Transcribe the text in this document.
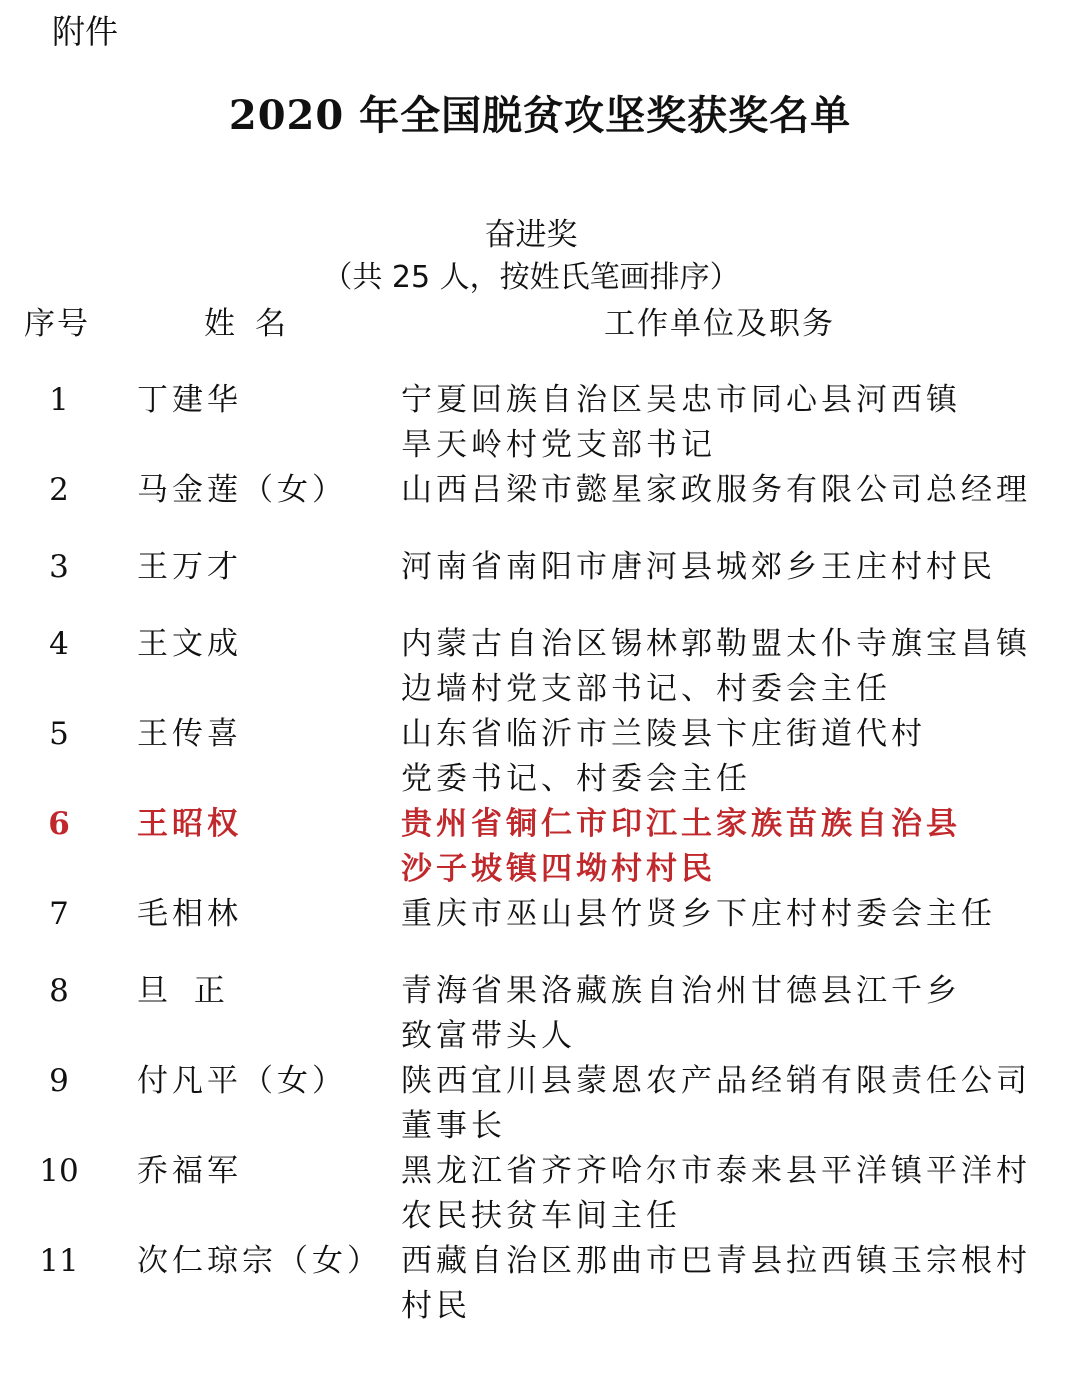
附件
2020 年全国脱贫攻坚奖获奖名单
奋进奖
（共 25 人，按姓氏笔画排序）
序号	姓名	工作单位及职务
1	丁建华	宁夏回族自治区吴忠市同心县河西镇
旱天岭村党支部书记
2	马金莲（女） 山西吕梁市懿星家政服务有限公司总经理
3	王万才	河南省南阳市唐河县城郊乡王庄村村民
4	王文成	内蒙古自治区锡林郭勒盟太仆寺旗宝昌镇
边墙村党支部书记、村委会主任
5	王传喜	山东省临沂市兰陵县卞庄街道代村
党委书记、村委会主任
6	王昭权	贵州省铜仁市印江土家族苗族自治县
沙子坡镇四坳村村民
7	毛相林	重庆市巫山县竹贤乡下庄村村委会主任
8	旦 正	青海省果洛藏族自治州甘德县江千乡
致富带头人
9	付凡平（女） 陕西宜川县蒙恩农产品经销有限责任公司
董事长
10	乔福军	黑龙江省齐齐哈尔市泰来县平洋镇平洋村
农民扶贫车间主任
11	次仁琼宗（女） 西藏自治区那曲市巴青县拉西镇玉宗根村
村民
